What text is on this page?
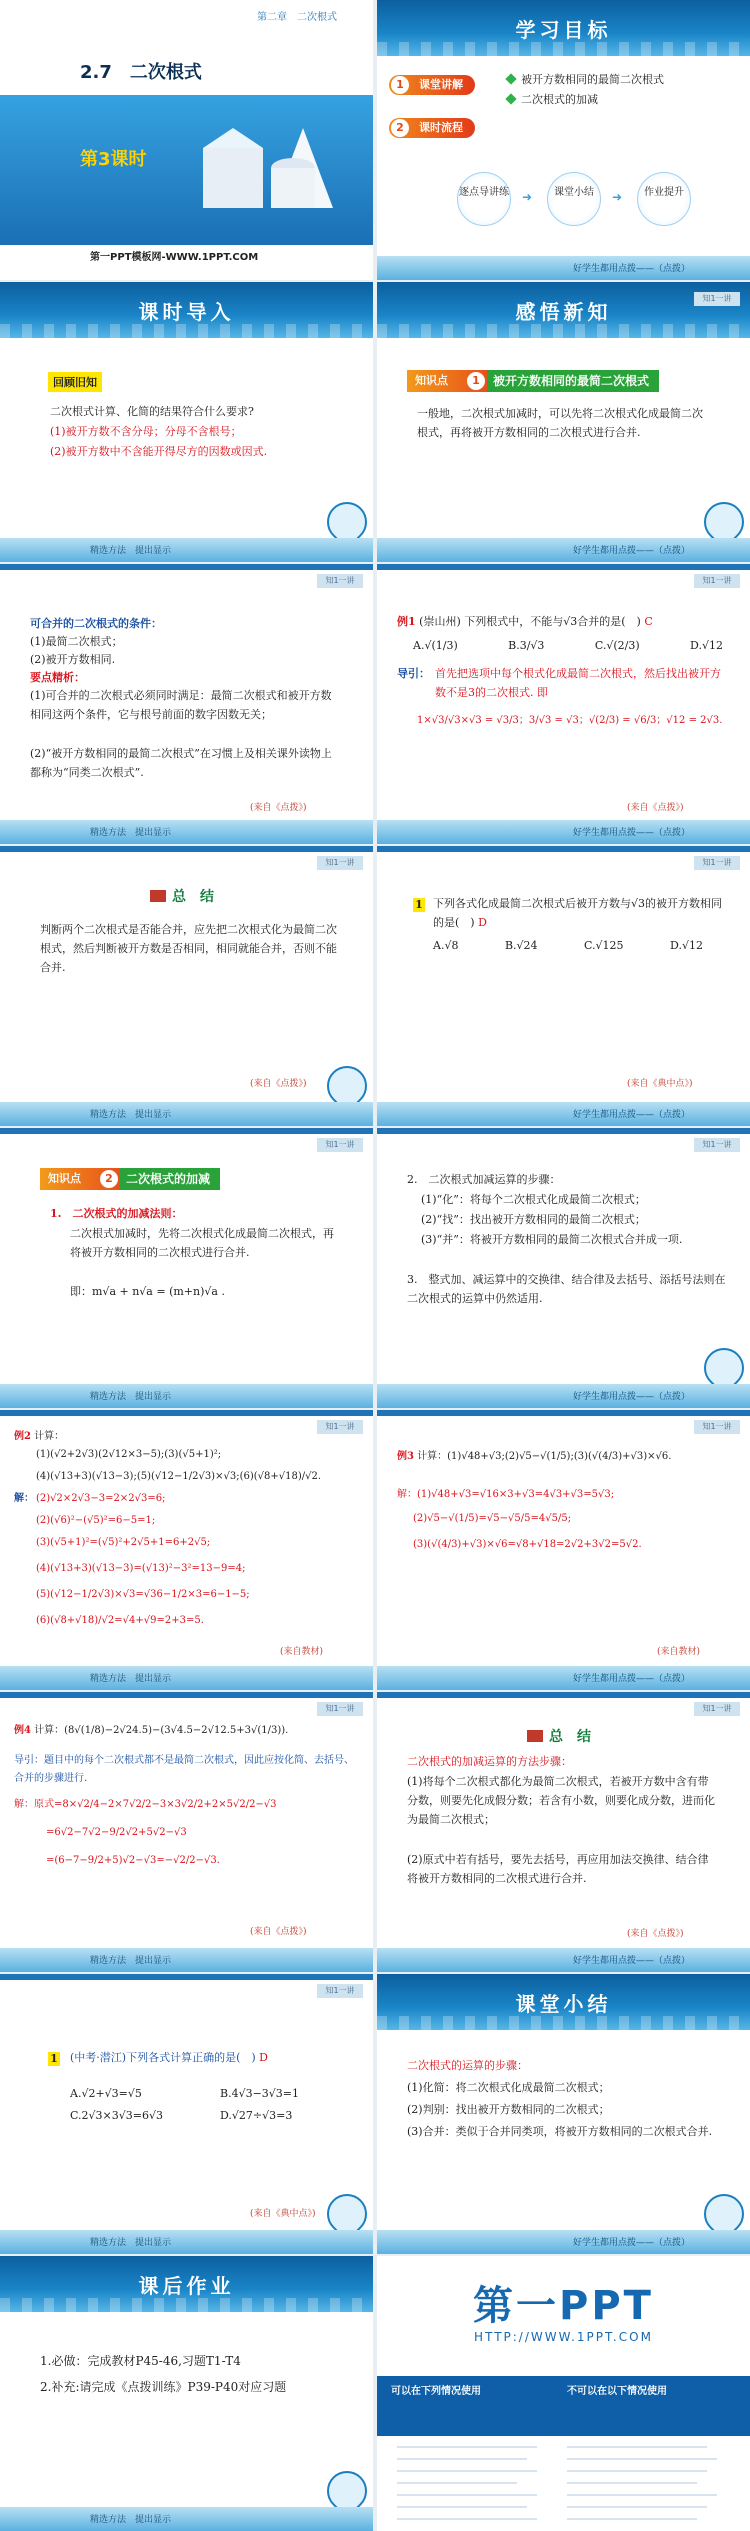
第二章　二次根式
2.7　二次根式
第3课时
第一PPT模板网-WWW.1PPT.COM
学习目标
1	课堂讲解	被开方数相同的最简二次根式
二次根式的加减
2	课时流程
逐点导讲练 ➜	课堂小结	➜	作业提升
好学生都用点拨——（点拨）
课时导入
回顾旧知
二次根式计算、化简的结果符合什么要求?
(1)被开方数不含分母；分母不含根号；
(2)被开方数中不含能开得尽方的因数或因式.
精选方法　提出显示
感悟新知
知1一讲
知识点	1	被开方数相同的最简二次根式
一般地，二次根式加减时，可以先将二次根式化成最简二次根式，再将被开方数相同的二次根式进行合并.
好学生都用点拨——（点拨）
知1一讲
可合并的二次根式的条件：
(1)最简二次根式；
(2)被开方数相同.
要点精析：
(1)可合并的二次根式必须同时满足：最简二次根式和被开方数相同这两个条件，它与根号前面的数字因数无关；
(2)“被开方数相同的最简二次根式”在习惯上及相关课外读物上都称为“同类二次根式”.
(来自《点拨》)
精选方法　提出显示
知1一讲
例1 (崇山州) 下列根式中，不能与√3合并的是(　) C
A.√(1/3)	B.3/√3	C.√(2/3)	D.√12
导引： 首先把选项中每个根式化成最简二次根式，然后找出被开方数不是3的二次根式. 即
1×√3/√3×√3 = √3/3；3/√3 = √3；√(2/3) = √6/3；√12 = 2√3.
(来自《点拨》)
好学生都用点拨——（点拨）
知1一讲
总　结
判断两个二次根式是否能合并，应先把二次根式化为最简二次根式，然后判断被开方数是否相同，相同就能合并，否则不能合并.
(来自《点拨》)
精选方法　提出显示
知1一讲
1 下列各式化成最简二次根式后被开方数与√3的被开方数相同的是(　) D
A.√8	B.√24	C.√125	D.√12
(来自《典中点》)
好学生都用点拨——（点拨）
知1一讲
知识点	2	二次根式的加减
1.　二次根式的加减法则：
二次根式加减时，先将二次根式化成最简二次根式，再将被开方数相同的二次根式进行合并.
即：m√a + n√a = (m+n)√a .
精选方法　提出显示
知1一讲
2.　二次根式加减运算的步骤：
(1)“化”：将每个二次根式化成最简二次根式；
(2)“找”：找出被开方数相同的最简二次根式；
(3)“并”：将被开方数相同的最简二次根式合并成一项.
3.　整式加、减运算中的交换律、结合律及去括号、添括号法则在二次根式的运算中仍然适用.
好学生都用点拨——（点拨）
知1一讲
例2 计算：
(1)(√2+2√3)(2√12×3−5);(3)(√5+1)²;
(4)(√13+3)(√13−3);(5)(√12−1/2√3)×√3;(6)(√8+√18)/√2.
解： (2)√2×2√3−3=2×2√3=6;
(2)(√6)²−(√5)²=6−5=1;
(3)(√5+1)²=(√5)²+2√5+1=6+2√5;
(4)(√13+3)(√13−3)=(√13)²−3²=13−9=4;
(5)(√12−1/2√3)×√3=√36−1/2×3=6−1−5;
(6)(√8+√18)/√2=√4+√9=2+3=5.
(来自教材)
精选方法　提出显示
知1一讲
例3 计算：(1)√48+√3;(2)√5−√(1/5);(3)(√(4/3)+√3)×√6.
解：(1)√48+√3=√16×3+√3=4√3+√3=5√3;
(2)√5−√(1/5)=√5−√5/5=4√5/5;
(3)(√(4/3)+√3)×√6=√8+√18=2√2+3√2=5√2.
(来自教材)
好学生都用点拨——（点拨）
知1一讲
例4 计算：(8√(1/8)−2√24.5)−(3√4.5−2√12.5+3√(1/3)).
导引：题目中的每个二次根式都不是最简二次根式，因此应按化简、去括号、合并的步骤进行.
解：原式=8×√2/4−2×7√2/2−3×3√2/2+2×5√2/2−√3
=6√2−7√2−9/2√2+5√2−√3
=(6−7−9/2+5)√2−√3=−√2/2−√3.
(来自《点拨》)
精选方法　提出显示
知1一讲
总　结
二次根式的加减运算的方法步骤：
(1)将每个二次根式都化为最简二次根式，若被开方数中含有带分数，则要先化成假分数；若含有小数，则要化成分数，进而化为最简二次根式；
(2)原式中若有括号，要先去括号，再应用加法交换律、结合律将被开方数相同的二次根式进行合并.
(来自《点拨》)
好学生都用点拨——（点拨）
知1一讲
1 (中考·潜江)下列各式计算正确的是(　) D
A.√2+√3=√5	B.4√3−3√3=1
C.2√3×3√3=6√3	D.√27÷√3=3
(来自《典中点》)
精选方法　提出显示
课堂小结
二次根式的运算的步骤：
(1)化简：将二次根式化成最简二次根式；
(2)判别：找出被开方数相同的二次根式；
(3)合并：类似于合并同类项，将被开方数相同的二次根式合并.
好学生都用点拨——（点拨）
课后作业
1.必做：完成教材P45-46,习题T1-T4
2.补充:请完成《点拨训练》P39-P40对应习题
精选方法　提出显示
第一PPT
HTTP://WWW.1PPT.COM
可以在下列情况使用	不可以在以下情况使用
